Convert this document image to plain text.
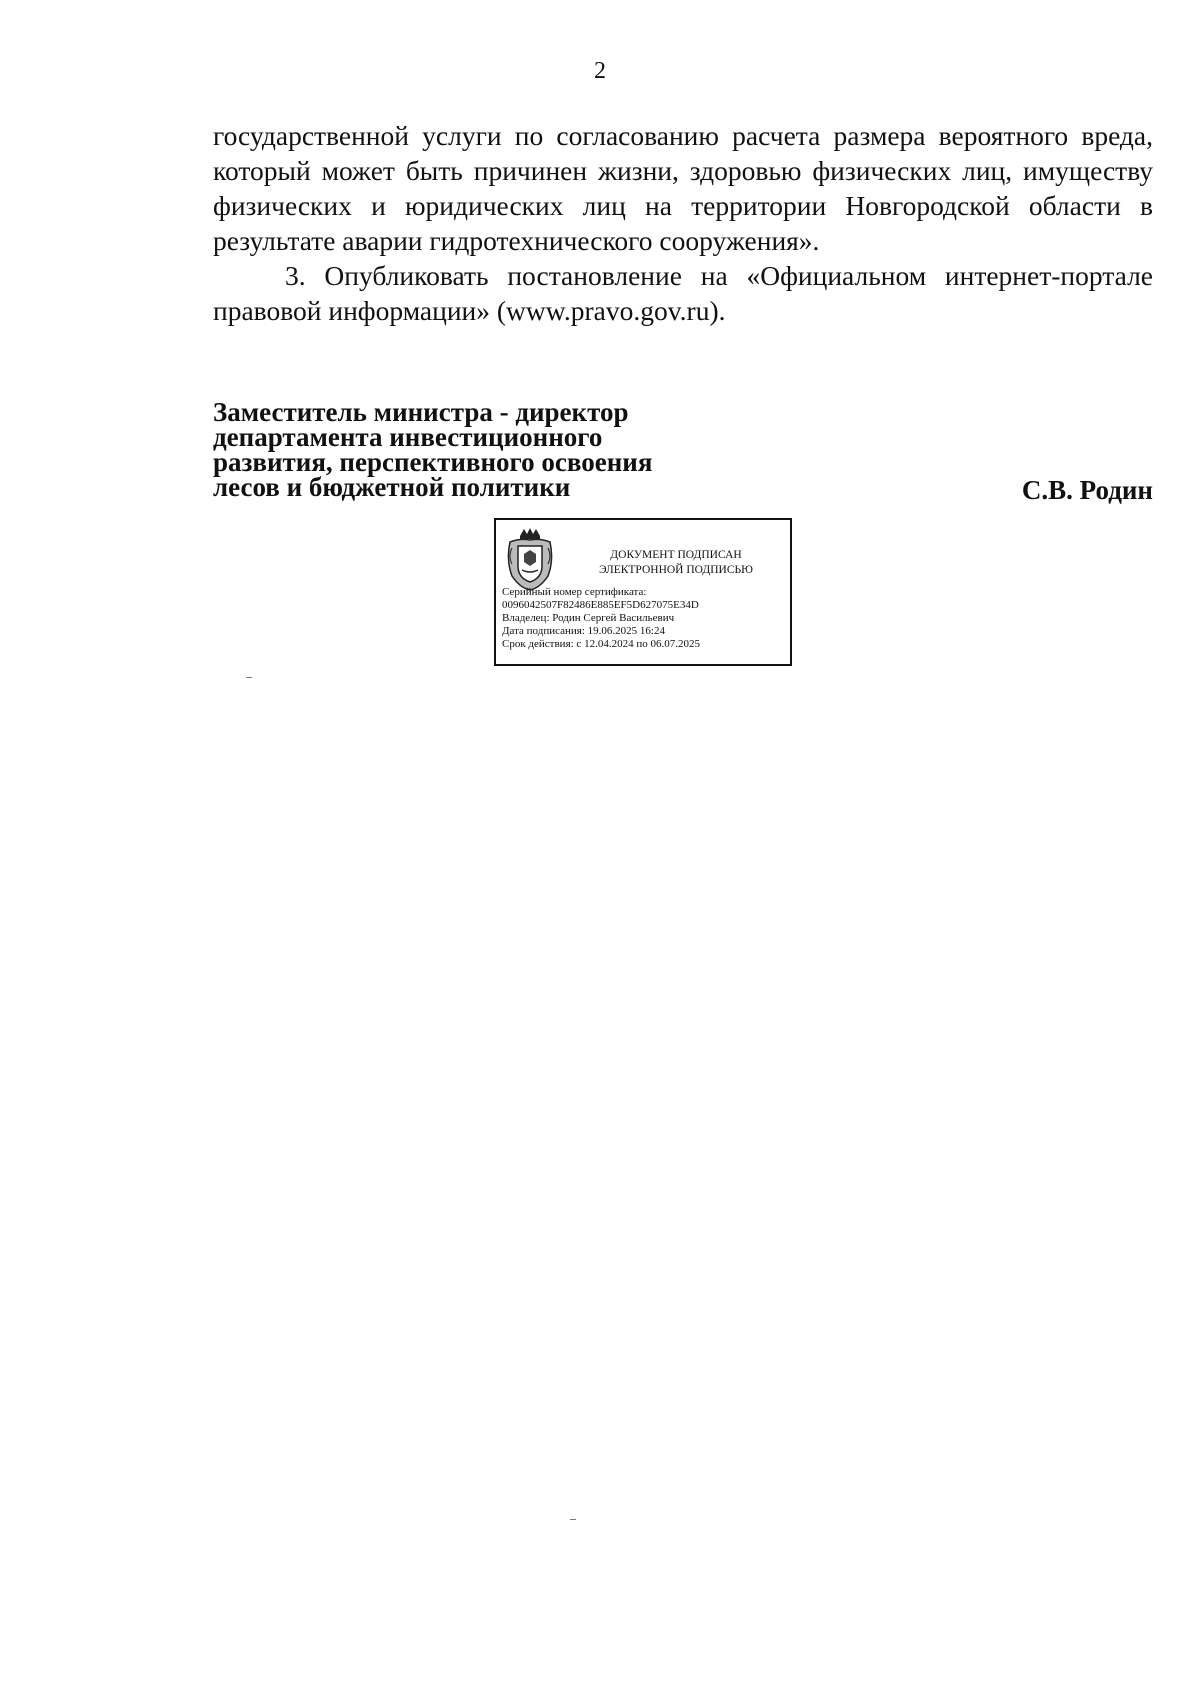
2

государственной услуги по согласованию расчета размера вероятного вреда, который может быть причинен жизни, здоровью физических лиц, имуществу физических и юридических лиц на территории Новгородской области в результате аварии гидротехнического сооружения».

3. Опубликовать постановление на «Официальном интернет-портале правовой информации» (www.pravo.gov.ru).

Заместитель министра - директор
департамента инвестиционного
развития, перспективного освоения
лесов и бюджетной политики	С.В. Родин
ДОКУМЕНТ ПОДПИСАН
ЭЛЕКТРОННОЙ ПОДПИСЬЮ
Серийный номер сертификата:
0096042507F82486E885EF5D627075E34D
Владелец: Родин Сергей Васильевич
Дата подписания: 19.06.2025 16:24
Срок действия: с 12.04.2024 по 06.07.2025
